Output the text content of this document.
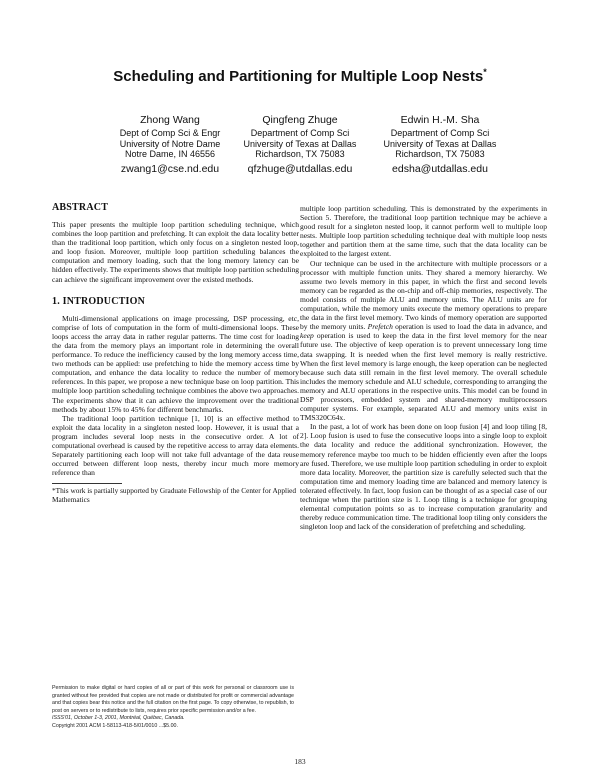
Scheduling and Partitioning for Multiple Loop Nests*
Zhong Wang
Dept of Comp Sci & Engr
University of Notre Dame
Notre Dame, IN 46556
zwang1@cse.nd.edu
Qingfeng Zhuge
Department of Comp Sci
University of Texas at Dallas
Richardson, TX 75083
qfzhuge@utdallas.edu
Edwin H.-M. Sha
Department of Comp Sci
University of Texas at Dallas
Richardson, TX 75083
edsha@utdallas.edu
ABSTRACT

This paper presents the multiple loop partition scheduling technique, which combines the loop partition and prefetching. It can exploit the data locality better than the traditional loop partition, which only focus on a singleton nested loop, and loop fusion. Moreover, multiple loop partition scheduling balances the computation and memory loading, such that the long memory latency can be hidden effectively. The experiments shows that multiple loop partition scheduling can achieve the significant improvement over the existed methods.

1. INTRODUCTION

Multi-dimensional applications on image processing, DSP processing, etc, comprise of lots of computation in the form of multi-dimensional loops. These loops access the array data in rather regular patterns. The time cost for loading the data from the memory plays an important role in determining the overall performance. To reduce the inefficiency caused by the long memory access time, two methods can be applied: use prefetching to hide the memory access time by computation, and enhance the data locality to reduce the number of memory references. In this paper, we propose a new technique base on loop partition. This multiple loop partition scheduling technique combines the above two approaches. The experiments show that it can achieve the improvement over the traditional methods by about 15% to 45% for different benchmarks.

The traditional loop partition technique [1, 10] is an effective method to exploit the data locality in a singleton nested loop. However, it is usual that a program includes several loop nests in the consecutive order. A lot of computational overhead is caused by the repetitive access to array data elements. Separately partitioning each loop will not take full advantage of the data reuse occurred between different loop nests, thereby incur much more memory reference than

*This work is partially supported by Graduate Fellowship of the Center for Applied Mathematics
Permission to make digital or hard copies of all or part of this work for personal or classroom use is granted without fee provided that copies are not made or distributed for profit or commercial advantage and that copies bear this notice and the full citation on the first page. To copy otherwise, to republish, to post on servers or to redistribute to lists, requires prior specific permission and/or a fee.
ISSS'01, October 1-3, 2001, Montréal, Québec, Canada.
Copyright 2001 ACM 1-58113-418-5/01/0010 ...$5.00.

multiple loop partition scheduling. This is demonstrated by the experiments in Section 5. Therefore, the traditional loop partition technique may be achieve a good result for a singleton nested loop, it cannot perform well to multiple loop nests. Multiple loop partition scheduling technique deal with multiple loop nests together and partition them at the same time, such that the data locality can be exploited to the largest extent.

Our technique can be used in the architecture with multiple processors or a processor with multiple function units. They shared a memory hierarchy. We assume two levels memory in this paper, in which the first and second levels memory can be regarded as the on-chip and off-chip memories, respectively. The model consists of multiple ALU and memory units. The ALU units are for computation, while the memory units execute the memory operations to prepare the data in the first level memory. Two kinds of memory operation are supported by the memory units. Prefetch operation is used to load the data in advance, and keep operation is used to keep the data in the first level memory for the near future use. The objective of keep operation is to prevent unnecessary long time data swapping. It is needed when the first level memory is really restrictive. When the first level memory is large enough, the keep operation can be neglected because such data still remain in the first level memory. The overall schedule includes the memory schedule and ALU schedule, corresponding to arranging the memory and ALU operations in the respective units. This model can be found in DSP processors, embedded system and shared-memory multiprocessors computer systems. For example, separated ALU and memory units exist in TMS320C64x.

In the past, a lot of work has been done on loop fusion [4] and loop tiling [8, 2]. Loop fusion is used to fuse the consecutive loops into a single loop to exploit the data locality and reduce the additional synchronization. However, the memory reference maybe too much to be hidden efficiently even after the loops are fused. Therefore, we use multiple loop partition scheduling in order to exploit more data locality. Moreover, the partition size is carefully selected such that the computation time and memory loading time are balanced and memory latency is tolerated effectively. In fact, loop fusion can be thought of as a special case of our technique when the partition size is 1. Loop tiling is a technique for grouping elemental computation points so as to increase computation granularity and thereby reduce communication time. The traditional loop tiling only considers the singleton loop and lack of the consideration of prefetching and scheduling.

183
